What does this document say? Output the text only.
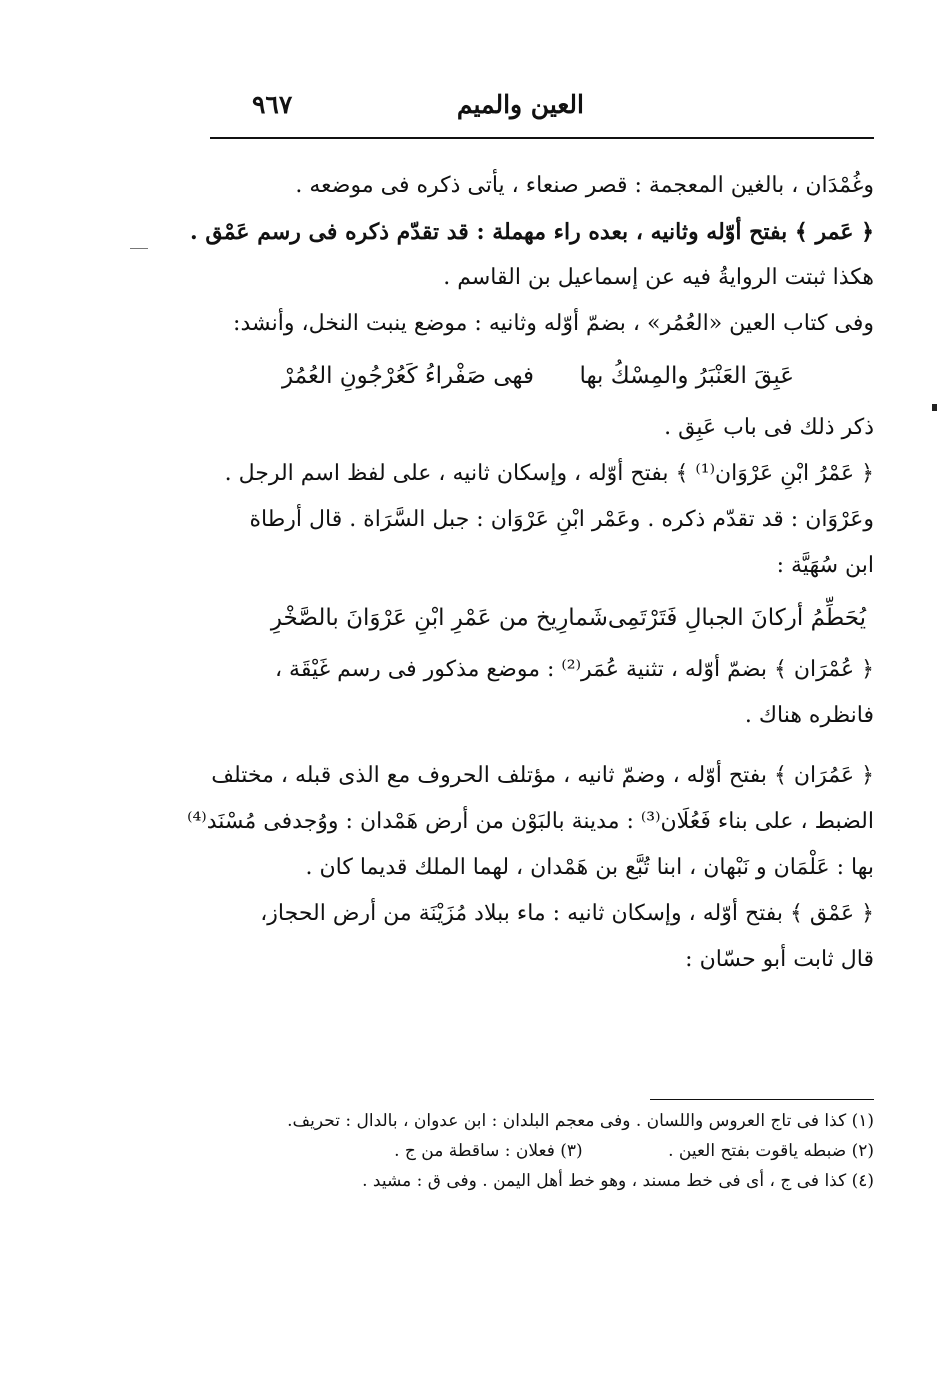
العين والميم
٩٦٧
وغُمْدَان ، بالغين المعجمة : قصر صنعاء ، يأتى ذكره فى موضعه .
﴿ عَمر ﴾ بفتح أوّله وثانيه ، بعده راء مهملة : قد تقدّم ذكره فى رسم عَمْق .
هكذا ثبتت الروايةُ فيه عن إسماعيل بن القاسم .
وفى كتاب العين «العُمُر» ، بضمّ أوّله وثانيه : موضع ينبت النخل، وأنشد:
عَبِقَ العَنْبَرُ والمِسْكُ بها
فهى صَفْراءُ كَعُرْجُونِ العُمُرْ
ذكر ذلك فى باب عَبِق .
﴿ عَمْرُ ابْنِ عَرْوَان⁽¹⁾ ﴾ بفتح أوّله ، وإسكان ثانيه ، على لفظ اسم الرجل .
وعَرْوَان : قد تقدّم ذكره . وعَمْر ابْنِ عَرْوَان : جبل السَّرَاة . قال أرطاة
ابن سُهَيَّة :
يُحَطِّمُ أركانَ الجبالِ فَتَرْتَمِى
شَمارِيخ من عَمْرِ ابْنِ عَرْوَانَ بالصَّخْرِ
﴿ عُمْرَان ﴾ بضمّ أوّله ، تثنية عُمَر⁽²⁾ : موضع مذكور فى رسم غَيْقَة ،
فانظره هناك .
﴿ عَمُرَان ﴾ بفتح أوّله ، وضمّ ثانيه ، مؤتلف الحروف مع الذى قبله ، مختلف
الضبط ، على بناء فَعُلَان⁽³⁾ : مدينة بالبَوْن من أرض هَمْدان : ووُجدفى مُسْنَد⁽⁴⁾
بها : عَلْمَان و نَبْهان ، ابنا تُبَّع بن هَمْدان ، لهما الملك قديما كان .
﴿ عَمْق ﴾ بفتح أوّله ، وإسكان ثانيه : ماء ببلاد مُزَيْنَة من أرض الحجاز،
قال ثابت أبو حسّان :
(١) كذا فى تاج العروس واللسان . وفى معجم البلدان : ابن عدوان ، بالدال : تحريف.
(٢) ضبطه ياقوت بفتح العين . (٣) فعلان : ساقطة من ج .
(٤) كذا فى ج ، أى فى خط مسند ، وهو خط أهل اليمن . وفى ق : مشيد .
